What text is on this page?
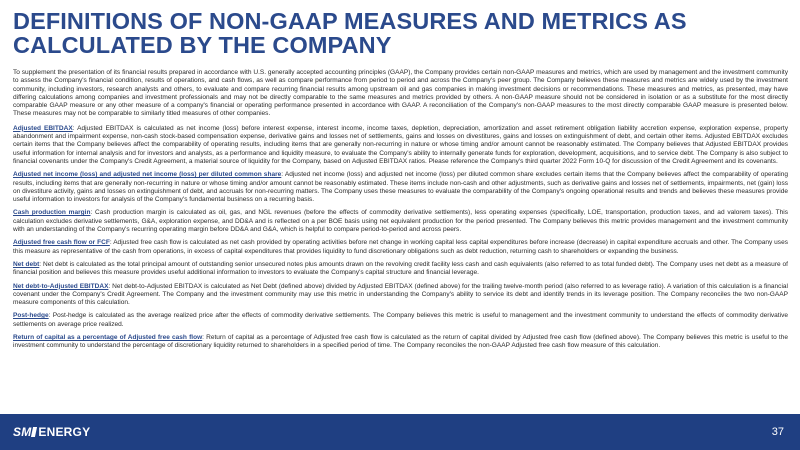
DEFINITIONS OF NON-GAAP MEASURES AND METRICS AS CALCULATED BY THE COMPANY

To supplement the presentation of its financial results prepared in accordance with U.S. generally accepted accounting principles (GAAP), the Company provides certain non-GAAP measures and metrics, which are used by management and the investment community to assess the Company's financial condition, results of operations, and cash flows, as well as compare performance from period to period and across the Company's peer group. The Company believes these measures and metrics are widely used by the investment community, including investors, research analysts and others, to evaluate and compare recurring financial results among upstream oil and gas companies in making investment decisions or recommendations. These measures and metrics, as presented, may have differing calculations among companies and investment professionals and may not be directly comparable to the same measures and metrics provided by others. A non-GAAP measure should not be considered in isolation or as a substitute for the most directly comparable GAAP measure or any other measure of a company's financial or operating performance presented in accordance with GAAP. A reconciliation of the Company's non-GAAP measures to the most directly comparable GAAP measure is presented below. These measures may not be comparable to similarly titled measures of other companies.

Adjusted EBITDAX: Adjusted EBITDAX is calculated as net income (loss) before interest expense, interest income, income taxes, depletion, depreciation, amortization and asset retirement obligation liability accretion expense, exploration expense, property abandonment and impairment expense, non-cash stock-based compensation expense, derivative gains and losses net of settlements, gains and losses on divestitures, gains and losses on extinguishment of debt, and certain other items. Adjusted EBITDAX excludes certain items that the Company believes affect the comparability of operating results, including items that are generally non-recurring in nature or whose timing and/or amount cannot be reasonably estimated. The Company believes that Adjusted EBITDAX provides useful information for internal analysis and for investors and analysts, as a performance and liquidity measure, to evaluate the Company's ability to internally generate funds for exploration, development, acquisitions, and to service debt. The Company is also subject to financial covenants under the Company's Credit Agreement, a material source of liquidity for the Company, based on Adjusted EBITDAX ratios. Please reference the Company's third quarter 2022 Form 10-Q for discussion of the Credit Agreement and its covenants.

Adjusted net income (loss) and adjusted net income (loss) per diluted common share: Adjusted net income (loss) and adjusted net income (loss) per diluted common share excludes certain items that the Company believes affect the comparability of operating results, including items that are generally non-recurring in nature or whose timing and/or amount cannot be reasonably estimated. These items include non-cash and other adjustments, such as derivative gains and losses net of settlements, impairments, net (gain) loss on divestiture activity, gains and losses on extinguishment of debt, and accruals for non-recurring matters. The Company uses these measures to evaluate the comparability of the Company's ongoing operational results and trends and believes these measures provide useful information to investors for analysis of the Company's fundamental business on a recurring basis.

Cash production margin: Cash production margin is calculated as oil, gas, and NGL revenues (before the effects of commodity derivative settlements), less operating expenses (specifically, LOE, transportation, production taxes, and ad valorem taxes). This calculation excludes derivative settlements, G&A, exploration expense, and DD&A and is reflected on a per BOE basis using net equivalent production for the period presented. The Company believes this metric provides management and the investment community with an understanding of the Company's recurring operating margin before DD&A and G&A, which is helpful to compare period-to-period and across peers.

Adjusted free cash flow or FCF: Adjusted free cash flow is calculated as net cash provided by operating activities before net change in working capital less capital expenditures before increase (decrease) in capital expenditure accruals and other. The Company uses this measure as representative of the cash from operations, in excess of capital expenditures that provides liquidity to fund discretionary obligations such as debt reduction, returning cash to shareholders or expanding the business.

Net debt: Net debt is calculated as the total principal amount of outstanding senior unsecured notes plus amounts drawn on the revolving credit facility less cash and cash equivalents (also referred to as total funded debt). The Company uses net debt as a measure of financial position and believes this measure provides useful additional information to investors to evaluate the Company's capital structure and financial leverage.

Net debt-to-Adjusted EBITDAX: Net debt-to-Adjusted EBITDAX is calculated as Net Debt (defined above) divided by Adjusted EBITDAX (defined above) for the trailing twelve-month period (also referred to as leverage ratio). A variation of this calculation is a financial covenant under the Company's Credit Agreement. The Company and the investment community may use this metric in understanding the Company's ability to service its debt and identify trends in its leverage position. The Company reconciles the two non-GAAP measure components of this calculation.

Post-hedge: Post-hedge is calculated as the average realized price after the effects of commodity derivative settlements. The Company believes this metric is useful to management and the investment community to understand the effects of commodity derivative settlements on average price realized.

Return of capital as a percentage of Adjusted free cash flow: Return of capital as a percentage of Adjusted free cash flow is calculated as the return of capital divided by Adjusted free cash flow (defined above). The Company believes this metric is useful to the investment community to understand the percentage of discretionary liquidity returned to shareholders in a specified period of time. The Company reconciles the non-GAAP Adjusted free cash flow measure of this calculation.

SM ENERGY	37
